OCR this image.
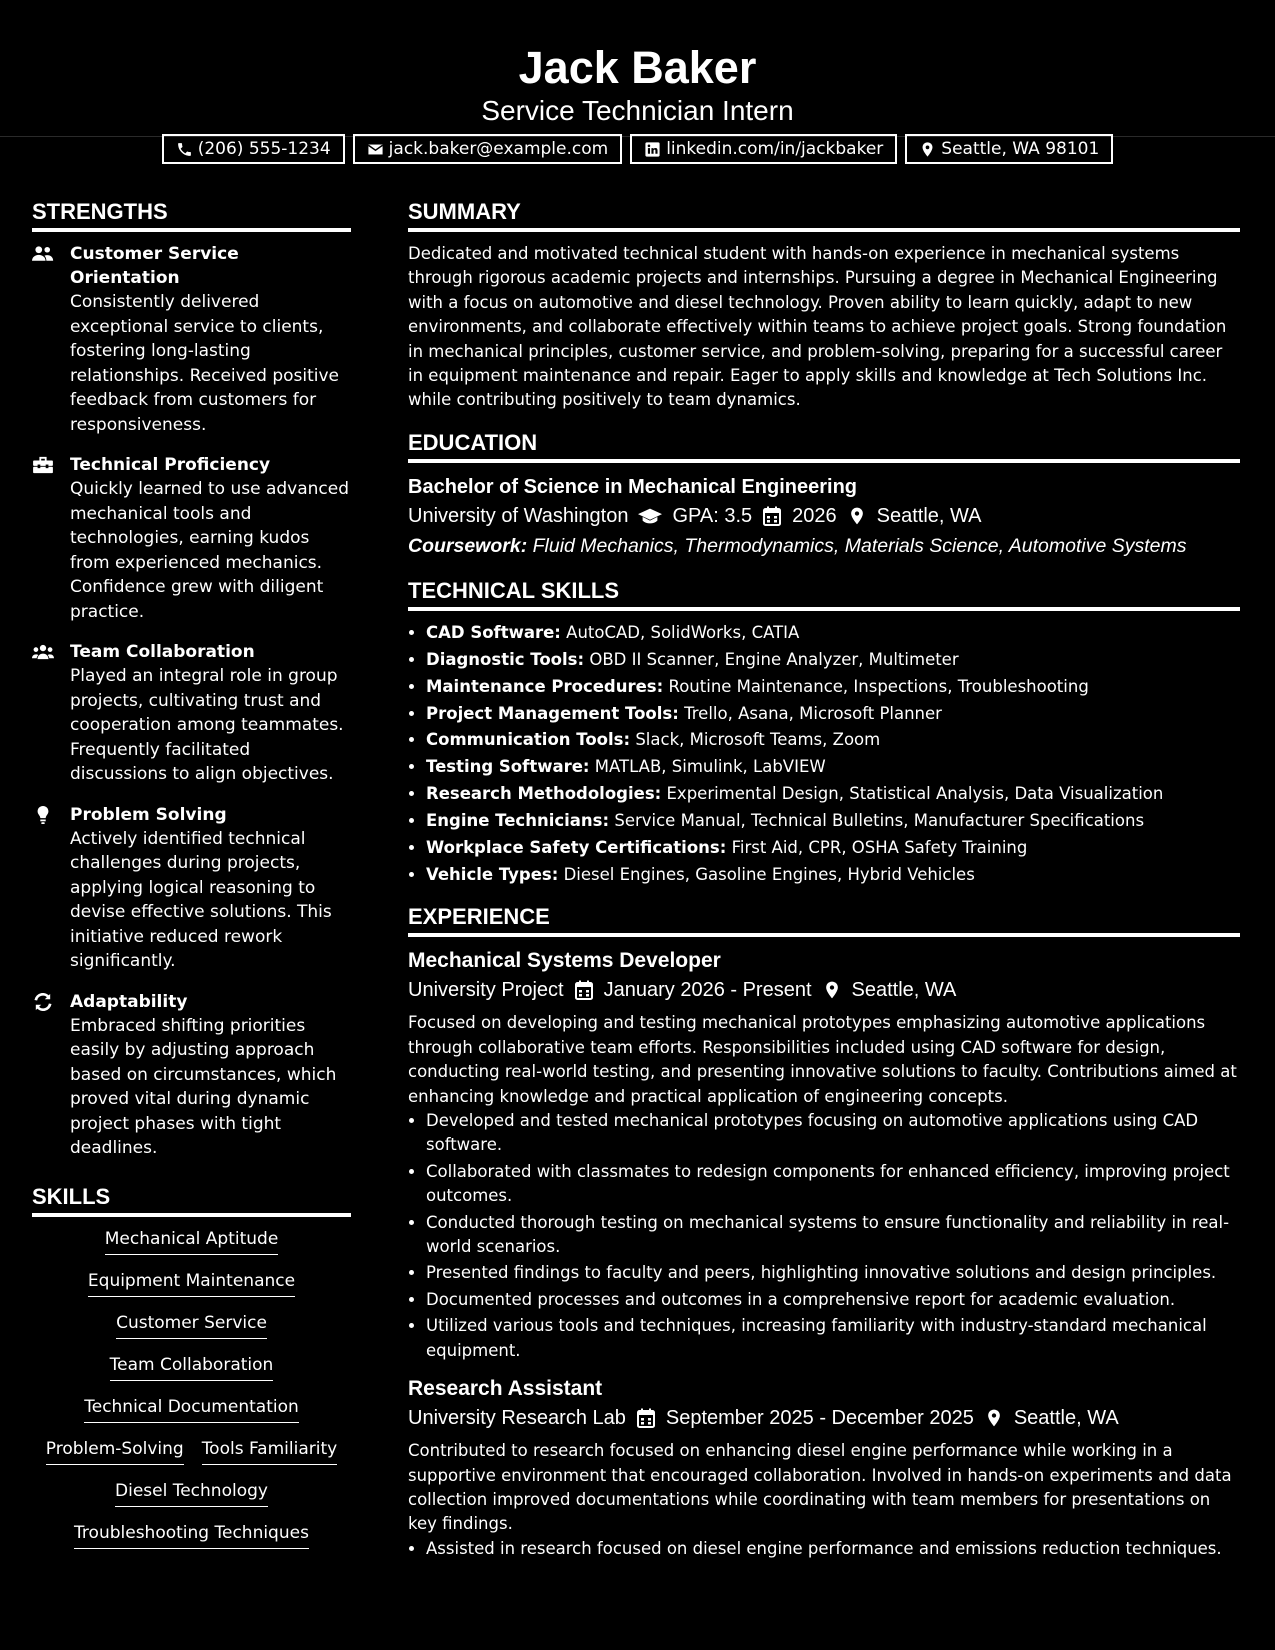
Jack Baker
Service Technician Intern
(206) 555-1234	jack.baker@example.com	linkedin.com/in/jackbaker	Seattle, WA 98101
STRENGTHS
Customer Service Orientation
Consistently delivered exceptional service to clients, fostering long-lasting relationships. Received positive feedback from customers for responsiveness.
Technical Proficiency
Quickly learned to use advanced mechanical tools and technologies, earning kudos from experienced mechanics. Confidence grew with diligent practice.
Team Collaboration
Played an integral role in group projects, cultivating trust and cooperation among teammates. Frequently facilitated discussions to align objectives.
Problem Solving
Actively identified technical challenges during projects, applying logical reasoning to devise effective solutions. This initiative reduced rework significantly.
Adaptability
Embraced shifting priorities easily by adjusting approach based on circumstances, which proved vital during dynamic project phases with tight deadlines.
SKILLS
Mechanical Aptitude
Equipment Maintenance
Customer Service
Team Collaboration
Technical Documentation
Problem-Solving Tools Familiarity
Diesel Technology
Troubleshooting Techniques
SUMMARY

Dedicated and motivated technical student with hands-on experience in mechanical systems through rigorous academic projects and internships. Pursuing a degree in Mechanical Engineering with a focus on automotive and diesel technology. Proven ability to learn quickly, adapt to new environments, and collaborate effectively within teams to achieve project goals. Strong foundation in mechanical principles, customer service, and problem-solving, preparing for a successful career in equipment maintenance and repair. Eager to apply skills and knowledge at Tech Solutions Inc. while contributing positively to team dynamics.

EDUCATION
Bachelor of Science in Mechanical Engineering
University of Washington GPA: 3.5 2026 Seattle, WA
Coursework: Fluid Mechanics, Thermodynamics, Materials Science, Automotive Systems
TECHNICAL SKILLS
• CAD Software: AutoCAD, SolidWorks, CATIA
• Diagnostic Tools: OBD II Scanner, Engine Analyzer, Multimeter
• Maintenance Procedures: Routine Maintenance, Inspections, Troubleshooting
• Project Management Tools: Trello, Asana, Microsoft Planner
• Communication Tools: Slack, Microsoft Teams, Zoom
• Testing Software: MATLAB, Simulink, LabVIEW
• Research Methodologies: Experimental Design, Statistical Analysis, Data Visualization
• Engine Technicians: Service Manual, Technical Bulletins, Manufacturer Specifications
• Workplace Safety Certifications: First Aid, CPR, OSHA Safety Training
• Vehicle Types: Diesel Engines, Gasoline Engines, Hybrid Vehicles
EXPERIENCE
Mechanical Systems Developer
University Project January 2026 - Present Seattle, WA

Focused on developing and testing mechanical prototypes emphasizing automotive applications through collaborative team efforts. Responsibilities included using CAD software for design, conducting real-world testing, and presenting innovative solutions to faculty. Contributions aimed at enhancing knowledge and practical application of engineering concepts.

• Developed and tested mechanical prototypes focusing on automotive applications using CAD software.
• Collaborated with classmates to redesign components for enhanced efficiency, improving project outcomes.
• Conducted thorough testing on mechanical systems to ensure functionality and reliability in real-world scenarios.
• Presented findings to faculty and peers, highlighting innovative solutions and design principles.
• Documented processes and outcomes in a comprehensive report for academic evaluation.
• Utilized various tools and techniques, increasing familiarity with industry-standard mechanical equipment.
Research Assistant
University Research Lab September 2025 - December 2025 Seattle, WA

Contributed to research focused on enhancing diesel engine performance while working in a supportive environment that encouraged collaboration. Involved in hands-on experiments and data collection improved documentations while coordinating with team members for presentations on key findings.

• Assisted in research focused on diesel engine performance and emissions reduction techniques.
